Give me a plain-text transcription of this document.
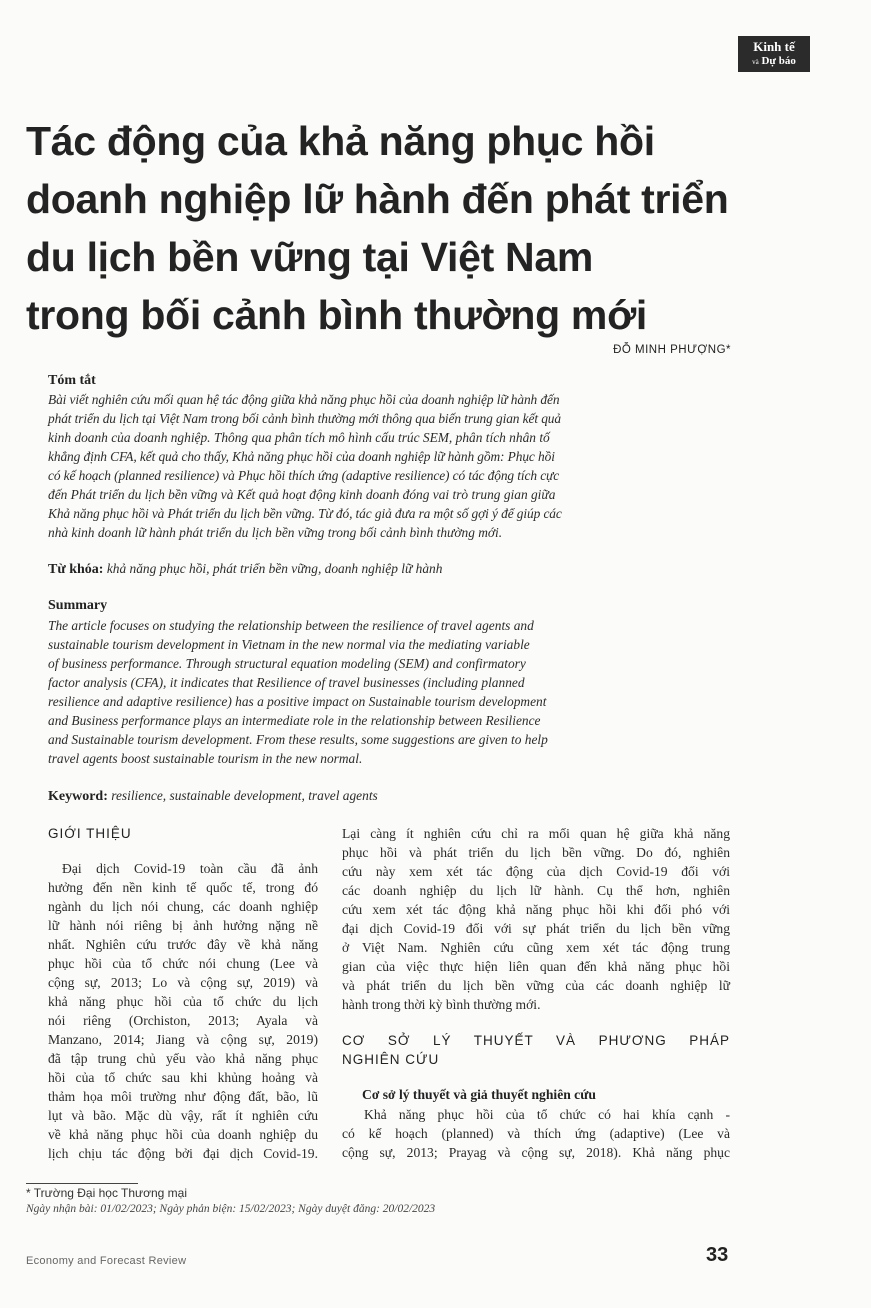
Kinh tế
và Dự báo
Tác động của khả năng phục hồi
doanh nghiệp lữ hành đến phát triển
du lịch bền vững tại Việt Nam
trong bối cảnh bình thường mới
ĐỖ MINH PHƯỢNG*
Tóm tắt
Bài viết nghiên cứu mối quan hệ tác động giữa khả năng phục hồi của doanh nghiệp lữ hành đến
phát triển du lịch tại Việt Nam trong bối cảnh bình thường mới thông qua biến trung gian kết quả
kinh doanh của doanh nghiệp. Thông qua phân tích mô hình cấu trúc SEM, phân tích nhân tố
khẳng định CFA, kết quả cho thấy, Khả năng phục hồi của doanh nghiệp lữ hành gồm: Phục hồi
có kế hoạch (planned resilience) và Phục hồi thích ứng (adaptive resilience) có tác động tích cực
đến Phát triển du lịch bền vững và Kết quả hoạt động kinh doanh đóng vai trò trung gian giữa
Khả năng phục hồi và Phát triển du lịch bền vững. Từ đó, tác giả đưa ra một số gợi ý để giúp các
nhà kinh doanh lữ hành phát triển du lịch bền vững trong bối cảnh bình thường mới.
Từ khóa: khả năng phục hồi, phát triển bền vững, doanh nghiệp lữ hành
Summary
The article focuses on studying the relationship between the resilience of travel agents and
sustainable tourism development in Vietnam in the new normal via the mediating variable
of business performance. Through structural equation modeling (SEM) and confirmatory
factor analysis (CFA), it indicates that Resilience of travel businesses (including planned
resilience and adaptive resilience) has a positive impact on Sustainable tourism development
and Business performance plays an intermediate role in the relationship between Resilience
and Sustainable tourism development. From these results, some suggestions are given to help
travel agents boost sustainable tourism in the new normal.
Keyword: resilience, sustainable development, travel agents
GIỚI THIỆU
Đại dịch Covid-19 toàn cầu đã ảnh
hưởng đến nền kinh tế quốc tế, trong đó
ngành du lịch nói chung, các doanh nghiệp
lữ hành nói riêng bị ảnh hưởng nặng nề
nhất. Nghiên cứu trước đây về khả năng
phục hồi của tổ chức nói chung (Lee và
cộng sự, 2013; Lo và cộng sự, 2019) và
khả năng phục hồi của tổ chức du lịch
nói riêng (Orchiston, 2013; Ayala và
Manzano, 2014; Jiang và cộng sự, 2019)
đã tập trung chủ yếu vào khả năng phục
hồi của tổ chức sau khi khủng hoảng và
thảm họa môi trường như động đất, bão, lũ
lụt và bão. Mặc dù vậy, rất ít nghiên cứu
về khả năng phục hồi của doanh nghiệp du
lịch chịu tác động bởi đại dịch Covid-19.
Lại càng ít nghiên cứu chỉ ra mối quan hệ giữa khả năng
phục hồi và phát triển du lịch bền vững. Do đó, nghiên
cứu này xem xét tác động của dịch Covid-19 đối với
các doanh nghiệp du lịch lữ hành. Cụ thể hơn, nghiên
cứu xem xét tác động khả năng phục hồi khi đối phó với
đại dịch Covid-19 đối với sự phát triển du lịch bền vững
ở Việt Nam. Nghiên cứu cũng xem xét tác động trung
gian của việc thực hiện liên quan đến khả năng phục hồi
và phát triển du lịch bền vững của các doanh nghiệp lữ
hành trong thời kỳ bình thường mới.
CƠ SỞ LÝ THUYẾT VÀ PHƯƠNG PHÁP
NGHIÊN CỨU
Cơ sở lý thuyết và giả thuyết nghiên cứu
Khả năng phục hồi của tổ chức có hai khía cạnh -
có kế hoạch (planned) và thích ứng (adaptive) (Lee và
cộng sự, 2013; Prayag và cộng sự, 2018). Khả năng phục
* Trường Đại học Thương mại
Ngày nhận bài: 01/02/2023; Ngày phản biện: 15/02/2023; Ngày duyệt đăng: 20/02/2023
Economy and Forecast Review	33
